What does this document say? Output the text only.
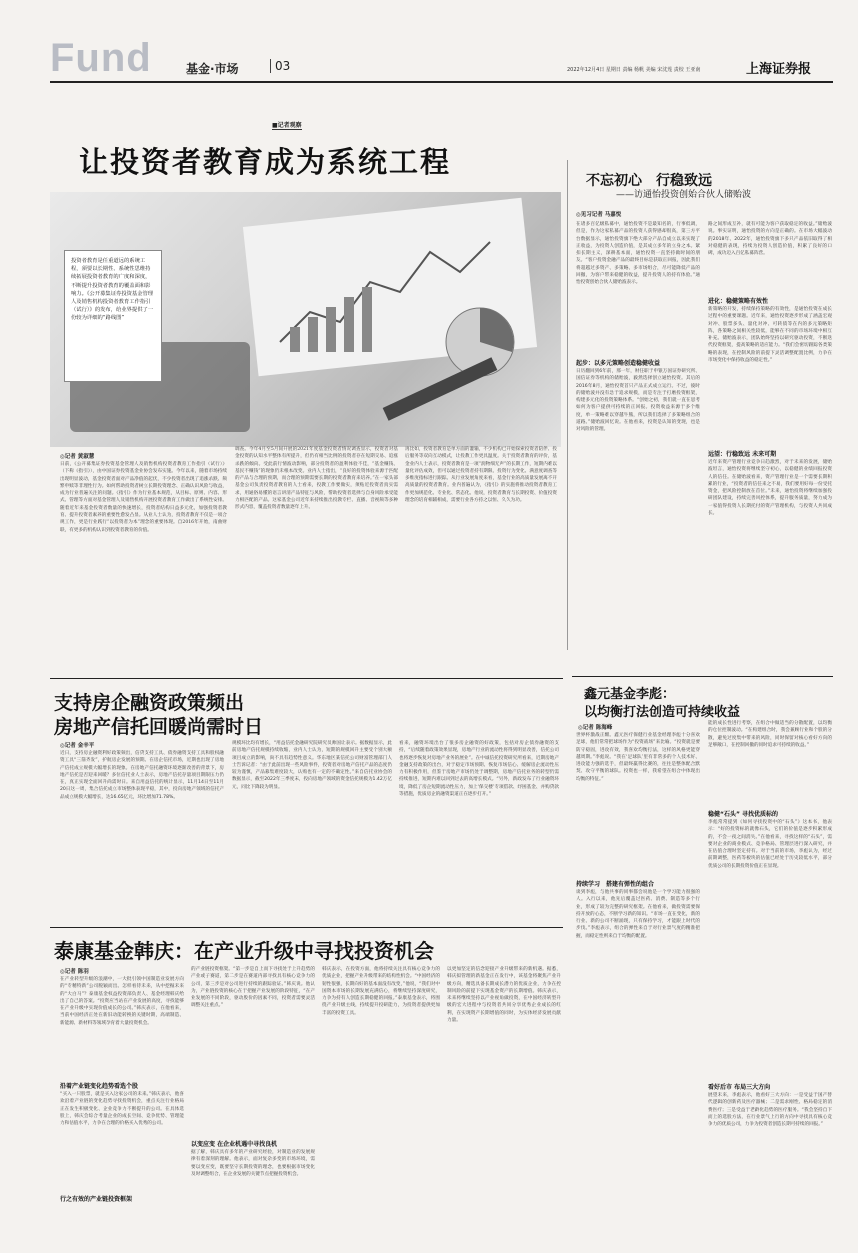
Fund	基金·市场	03	2022年12月4日 星期日 责编 杨帆 美编 宋沈莲 责校 王亚南	上海证券报
■记者观察
让投资者教育成为系统工程
投资者教育是任重道远的系统工程，须要以长期性、系统性思维持续拓展投资者教育的广度和深度，不断提升投资者教育的覆盖面和影响力。《公开募集证券投资基金管理人及销售机构投资者教育工作指引（试行）》的发布，给业界提供了一份较为详细的“路线图”
◎记者 黄淑慧
日前，《公开募集证券投资基金管理人及销售机构投资者教育工作指引（试行）》（下称《指引》），由中国证券投资基金业协会发布实施。今年以来，随着市场持续出现明显波动，基金投资者面对产品净值的起伏，不少投资者出现了追涨杀跌、频繁申赎等非理性行为。如何帮助投资者树立长期投资理念、正确认识风险与收益，成为行业普遍关注的问题。《指引》作为行业基本规范，从目标、原则、内容、形式、管理等方面对基金管理人及销售机构开展投资者教育工作做出了系统性安排。随着近年来基金投资者数量的快速增长，投资者结构日益多元化，加强投资者教育、提升投资者素养的重要性愈发凸显。从业人士认为，投资者教育不仅是一项合规工作，更是行业践行“以投资者为本”理念的重要体现。自2016年开始，南曲财联，有更多的机构认识到投资者教育的价值。
调查。今年4月至5月间开展的2021年度基金投资者情况调查显示，投资者对基金投资的认知水平整体有所提升，但仍有相当比例的投资者存在短期交易、追涨杀跌的倾向。受此前行情波动影响，部分投资者的盈利体验不佳，“基金赚钱、基民不赚钱”的现象仍未根本改变。业内人士指出，“良好的投资体验来源于匹配的产品与合理的预期，而合理的预期需要长期的投资者教育来培养。”在一家头部基金公司负责投资者教育的人士看来，投教工作要做实，须贴近投资者真实需求，用通俗易懂的语言讲清产品特征与风险，帮助投资者选择与自身风险承受能力相匹配的产品。这家基金公司近年来持续推出投教专栏、直播、音视频等多种形式内容，覆盖投资者数量逐年上升。
再比如，投资者教育是单方面的灌输，不少机构已开始探索投资者陪伴、投后服务等双向互动模式，让投教工作更具温度。关于投资者教育的评价，基金业内人士表示，投资者教育是一项“润物细无声”的长期工作，短期内难以量化评估成效，但可以通过投资者持有期限、投资行为变化、满意度调查等多维度指标进行跟踪。从行业发展角度来看，基金行业的高质量发展离不开高质量的投资者教育。业内普遍认为，《指引》的实施将推动投资者教育工作更加规范化、专业化、常态化。他说，投资者教育与长期投资、价值投资理念的培育相辅相成，需要行业各方持之以恒、久久为功。
不忘初心　行稳致远
——访通怡投资创始合伙人储贻波
◎见习记者 马嘉悦
在诸多百亿级私募中，通怡投资不是最知名的，行事低调，但是，作为这家私募产品的投资人获得感却很高，第三方平台数据显示，通怡投资旗下绝大部分产品自成立以来实现了正收益，为投资人创造价值，是其成立多年的立身之本。紧扣长期主义，深耕基本面，通怡投资一直坚持做时间的朋友。“客户投资金融产品的最终目标是获取正回报，因此我们将超越过多资产、多策略、多市场组合，尽可能降低产品的回撤，为客户带来稳健的收益，提升投资人的持有体验。”通怡投资创始合伙人储贻波表示。
起步：以多元策略创造稳健收益
日历翻回到6年前，那一年，财任职于申银万国证券研究所、国信证券等机构的储贻波，毅然选择创立通怡投资。其后的2016年8月，通怡投资首只产品正式成立运行。不过，彼时的储贻波并没有急于追求规模，而是专注于打磨投资框架，构建多元化的投资策略体系。“创始之初，我们就一直在思考如何为客户提供可持续的正回报。投资收益来源于多个维度，单一策略难以穿越牛熊，所以我们选择了多策略组合的道路。”储贻波回忆说。在他看来，投资是认知的变现，也是对风险的管理。
路之间形成互补，就有可能为客户获取稳定的收益。”储贻波说。事实证明，通怡投资的方向是正确的。在市场大幅波动的2018年、2022年，通怡投资旗下多只产品依旧取得了相对稳健的表现，持续为投资人创造价值，积累了良好的口碑，成功迈入百亿私募阵营。
进化：稳健策略有效性
新策略的开发，持续保持策略的有效性，是通怡投资在成长过程中的重要课题。近年来，通怡投资逐步形成了涵盖宏观对冲、股票多头、量化对冲、可转债等在内的多元策略矩阵，各策略之间相关性较低，能够在不同的市场环境中相互补充。储贻波表示，团队始终坚持以研究驱动投资，不断迭代投资框架，提高策略的适应能力。“我们会密切跟踪各类策略的表现，在控制风险的前提下灵活调整配置比例，力争在市场变化中保持收益的稳定性。”
远望：行稳致远 未来可期
近年来资产管理行业竞争日趋激烈，对于未来的发展，储贻波坦言，通怡投资将继续坚守初心，以稳健的业绩回报投资人的信任。在储贻波看来，资产管理行业是一个需要长期积累的行业，“投资者的信任来之不易，我们要用好每一份受托资金，把风险控制放在首位。”未来，通怡投资将继续加强投研团队建设，持续完善风控体系，提升服务质量，努力成为一家值得投资人长期托付的资产管理机构，与投资人共同成长。
支持房企融资政策频出
房地产信托回暖尚需时日
◎记者 金辛平
近日，支持房企融资利好政策频出，信贷支持工具、债券融资支持工具和股权融资工具“三箭齐发”，护航房企发展的预期。在房企信托市场，近期也出现了房地产信托成立规模大幅增长的现象。在房地产信托融资环境逐渐改善的背景下，房地产信托是否迎来回暖？多位信托业人士表示，房地产信托存量项目期限压力仍在，真正实现全面回升尚需时日。来自用益信托的统计显示，11月14日至11月20日这一周，集合信托成立市场整体表现平稳，其中，投向房地产领域的信托产品成立规模大幅增长，达16.65亿元，环比增加71.78%。
规模环比均有增长，“用益信托金融研究院研究员帅国让表示。据数据显示，此前房地产信托规模持续收缩，业内人士认为，短期的规模回升主要受个别大额项目成立的影响，尚不具有趋势性意义。华东地区某信托公司财富管理部门人士告诉记者：“由于此前出现一些风险事件，投资者对房地产信托产品的态度仍较为谨慎，产品募集难度较大，认购也有一定的不确定性。”来自信托业协会的数据显示，截至2022年三季度末，投向房地产领域的资金信托规模为1.42万亿元，同比下降较为明显。
看来，融资环境出台了很多房企融资的好政策，包括对房企债券融资的支持，“后续随着政策效果显现，房地产行业的流动性将得到明显改善，信托公司也将逐步恢复对房地产业务的展业”。在中诚信托投资研究所看来，近期房地产金融支持政策的出台，对于稳定市场预期、恢复市场信心、缓解房企流动性压力有积极作用，但鉴于房地产市场仍处于调整期，房地产信托业务的转型仍需持续推进，短期内难以回到过去的高增长模式。“另外，新政发布了行业融资环境，降低了房企短期流动性压力，加上‘保交楼’专项借款、纾困基金、并购贷款等措施，优质房企的融资渠道正在逐步打开。”
鑫元基金李彪：
以均衡打法创造可持续收益
◎记者 陈海峰
世界杯激战正酣。鑫元医疗保健行业基金经理李彪十分喜欢足球，他们常常把球场作为“投资战场”来比喻。“投资就是要防守稳固，进攻有效，我喜欢均衡打法，这样的风格更能穿越周期。”李彪说。“我在‘足球队’里有非常多的个人技术好、进攻能力强的选手，但最终赢得比赛的，往往是整体配合默契、攻守平衡的球队。投资也一样，我希望在组合中体现出均衡的特征。”
持续学习　搭建有弹性的组合
谈到李彪，与他共事的同事都会说他是一个学习能力很强的人。入行以来，他先后覆盖过医药、消费、制造等多个行业，形成了较为完整的研究框架。在他看来，做投资需要保持开放的心态，不断学习新的知识。“市场一直在变化，新的行业、新的公司不断涌现，只有保持学习，才能跟上时代的步伐。”李彪表示，组合的弹性来自于对行业景气度的精准把握，而稳定性则来自于均衡的配置。
能的成长性进行考察，在组合中做适当的分散配置，以均衡的仓位控制波动。“在构建组合时，我会兼顾行业和个股的分散，避免过度集中带来的风险，同时保留对核心看好方向的足够敞口，在控制回撤的同时追求可持续的收益。”
稳健“石头” 寻找优质标的
李彪常常提到《如何寻找投资中的“石头”》这本书，他表示：“好的投资标的就像石头，它们的价值是逐步积累形成的，不会一夜之间消失。”在他看来，寻找这样的“石头”，需要对企业的商业模式、竞争格局、管理层进行深入研究，并在估值合理时坚定持有。对于当前的市场，李彪认为，经过前期调整，医药等板块的估值已经处于历史较低水平，部分优质公司的长期投资价值正在显现。
看好后市 布局三大方向
展望未来，李彪表示，他看好三大方向：一是受益于国产替代逻辑的创新药及医疗器械；二是需求刚性、格局稳定的消费医疗；三是受益于老龄化趋势的医疗服务。“我会坚持自下而上的选股方法，在行业景气上行的方向中寻找具有核心竞争力的优质公司，力争为投资者创造长期可持续的回报。”
泰康基金韩庆：在产业升级中寻找投资机会
◎记者 陈羽
在产业转型升级的浪潮中，一大批引领中国制造业发展方向的“专精特新”公司脱颖而出。怎样看待未来，从中挖掘未来的“大白马”？泰康基金权益投资部负责人、基金经理韩庆给出了自己的答案。“投资应当站在产业发展的高度，寻找能够在产业升级中实现价值成长的公司。”韩庆表示，在他看来，当前中国经济正处在新旧动能转换的关键时期，高端制造、新能源、新材料等领域孕育着大量投资机会。
沿着产业链变化趋势看选个股
“买入一只股票，就是买入这家公司的未来。”韩庆表示，他喜欢沿着产业链的变化趋势寻找投资机会，重点关注行业格局正在发生积极变化、企业竞争力不断提升的公司。在具体选股上，韩庆会综合考量企业的成长空间、竞争优势、管理能力和估值水平，力争在合理的价格买入优秀的公司。
行之有效的产业链投资框架
的产业链投资框架。“第一步是自上而下寻找处于上升趋势的产业或子赛道，第二步是在赛道内部寻找具有核心竞争力的公司，第三步是对公司进行持续的跟踪验证。”韩庆说。他认为，产业链投资的核心在于把握产业发展的阶段特征，“在产业发展的不同阶段，驱动股价的因素不同，投资者需要灵活调整关注重点。”
以变应变 在企业机遇中寻找良机
据了解，韩庆具有多年的产业研究经验，对制造业的发展规律有着深刻的理解。他表示，面对复杂多变的市场环境，需要以变应变，既要坚守长期投资的理念，也要根据市场变化及时调整组合，在企业发展的关键节点把握投资机会。
韩庆表示，在投资方面，他将持续关注具有核心竞争力的优质企业，把握产业升级带来的结构性机会。“中国经济的韧性很强，长期向好的基本面没有改变，”他说，“我们对中国资本市场的长期发展充满信心，将继续坚持深度研究，力争为持有人创造长期稳健的回报。”泰康基金表示，将围绕产业升级主线，持续提升投研能力，为投资者提供更加丰富的投资工具。
以更加坚定的信念迎接产业升级带来的新机遇。据悉，韩庆拟管理的新基金正在发行中，该基金将聚焦产业升级方向，精选具备长期成长潜力的优质企业，力争在控制风险的前提下实现基金资产的长期增值。韩庆表示，未来将继续坚持以产业视角做投资，在中国经济转型升级的宏大进程中与投资者共同分享优秀企业成长的红利，在实现资产长期增值的同时，为实体经济发展贡献力量。
